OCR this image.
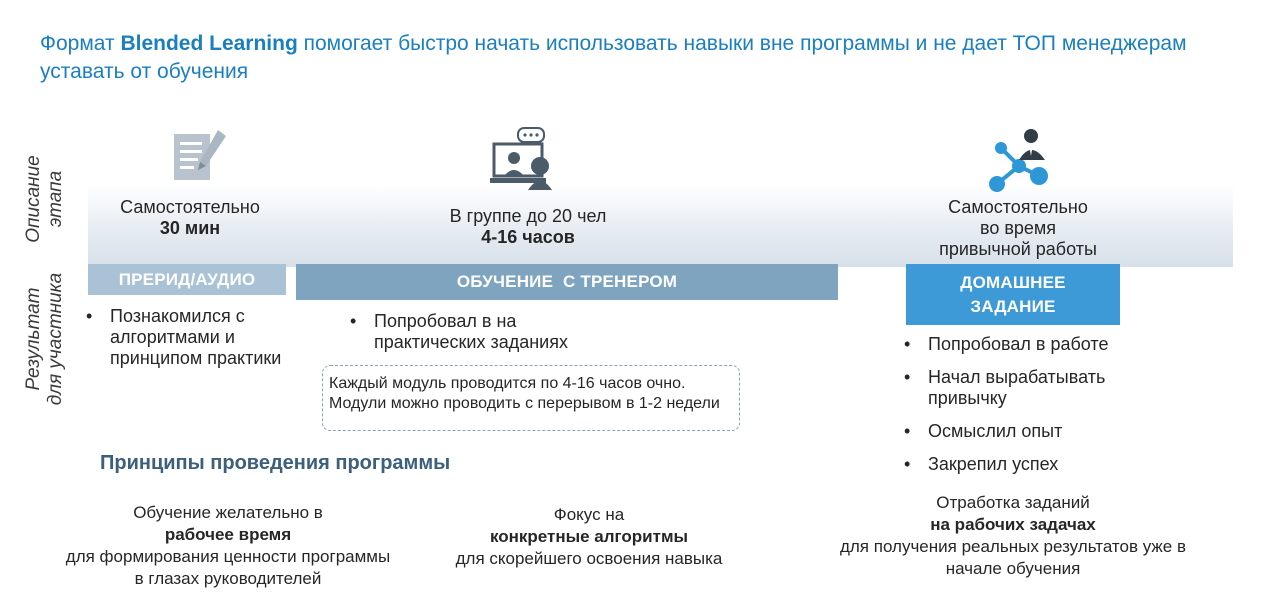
Формат Blended Learning помогает быстро начать использовать навыки вне программы и не дает ТОП менеджерам уставать от обучения
Описание этапа
Результат для участника
Самостоятельно
30 мин
В группе до 20 чел
4-16 часов
Самостоятельно
во время
привычной работы
ПРЕРИД/АУДИО	ОБУЧЕНИЕ  С ТРЕНЕРОМ	ДОМАШНЕЕ
ЗАДАНИЕ
• Познакомился с алгоритмами и принципом практики
• Попробовал в на практических заданиях
•	Попробовал в работе
• Начал вырабатывать привычку
• Осмыслил опыт
• Закрепил успех
Каждый модуль проводится по 4-16 часов очно. Модули можно проводить с перерывом в 1-2 недели
Принципы проведения программы
Обучение желательно в
рабочее время
для формирования ценности программы в глазах руководителей
Фокус на
конкретные алгоритмы
для скорейшего освоения навыка
Отработка заданий
на рабочих задачах
для получения реальных результатов уже в начале обучения
